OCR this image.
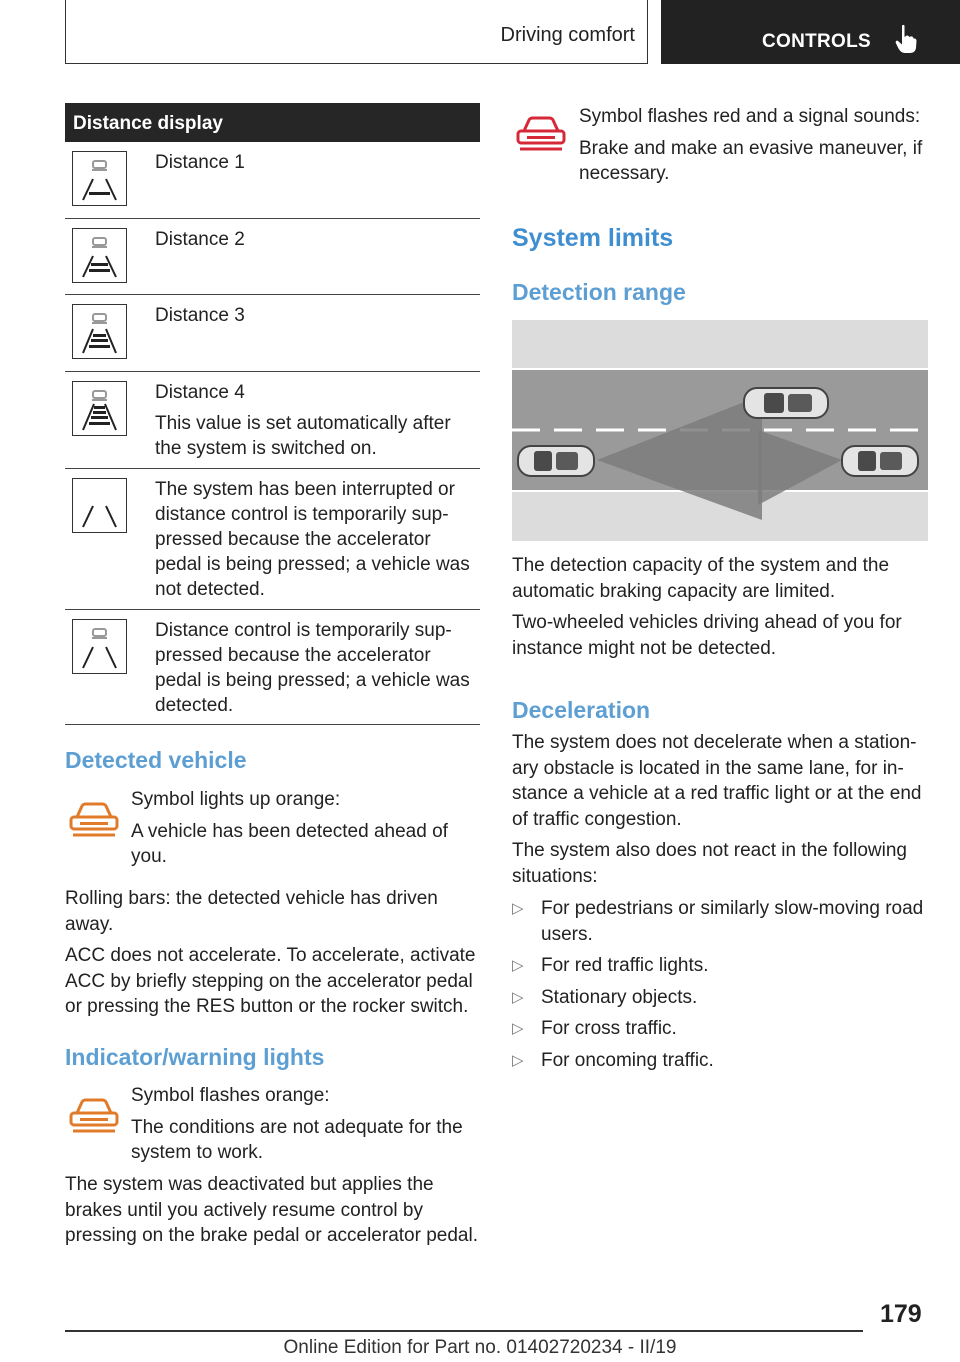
Driving comfort	CONTROLS
Distance display

Distance 1

Distance 2

Distance 3

Distance 4

This value is set automatically after the system is switched on.

The system has been interrupted or distance control is temporarily sup-pressed because the accelerator pedal is being pressed; a vehicle was not detected.

Distance control is temporarily sup-pressed because the accelerator pedal is being pressed; a vehicle was detected.

Detected vehicle

Symbol lights up orange:

A vehicle has been detected ahead of you.

Rolling bars: the detected vehicle has driven away.

ACC does not accelerate. To accelerate, activate ACC by briefly stepping on the accelerator pedal or pressing the RES button or the rocker switch.

Indicator/warning lights

Symbol flashes orange:

The conditions are not adequate for the system to work.

The system was deactivated but applies the brakes until you actively resume control by pressing on the brake pedal or accelerator pedal.

Symbol flashes red and a signal sounds:

Brake and make an evasive maneuver, if necessary.

System limits
Detection range

The detection capacity of the system and the automatic braking capacity are limited.

Two-wheeled vehicles driving ahead of you for instance might not be detected.

Deceleration

The system does not decelerate when a station-ary obstacle is located in the same lane, for in-stance a vehicle at a red traffic light or at the end of traffic congestion.

The system also does not react in the following situations:

▷ For pedestrians or similarly slow-moving road users.
▷ For red traffic lights.
▷ Stationary objects.
▷ For cross traffic.
▷ For oncoming traffic.
179
Online Edition for Part no. 01402720234 - II/19
